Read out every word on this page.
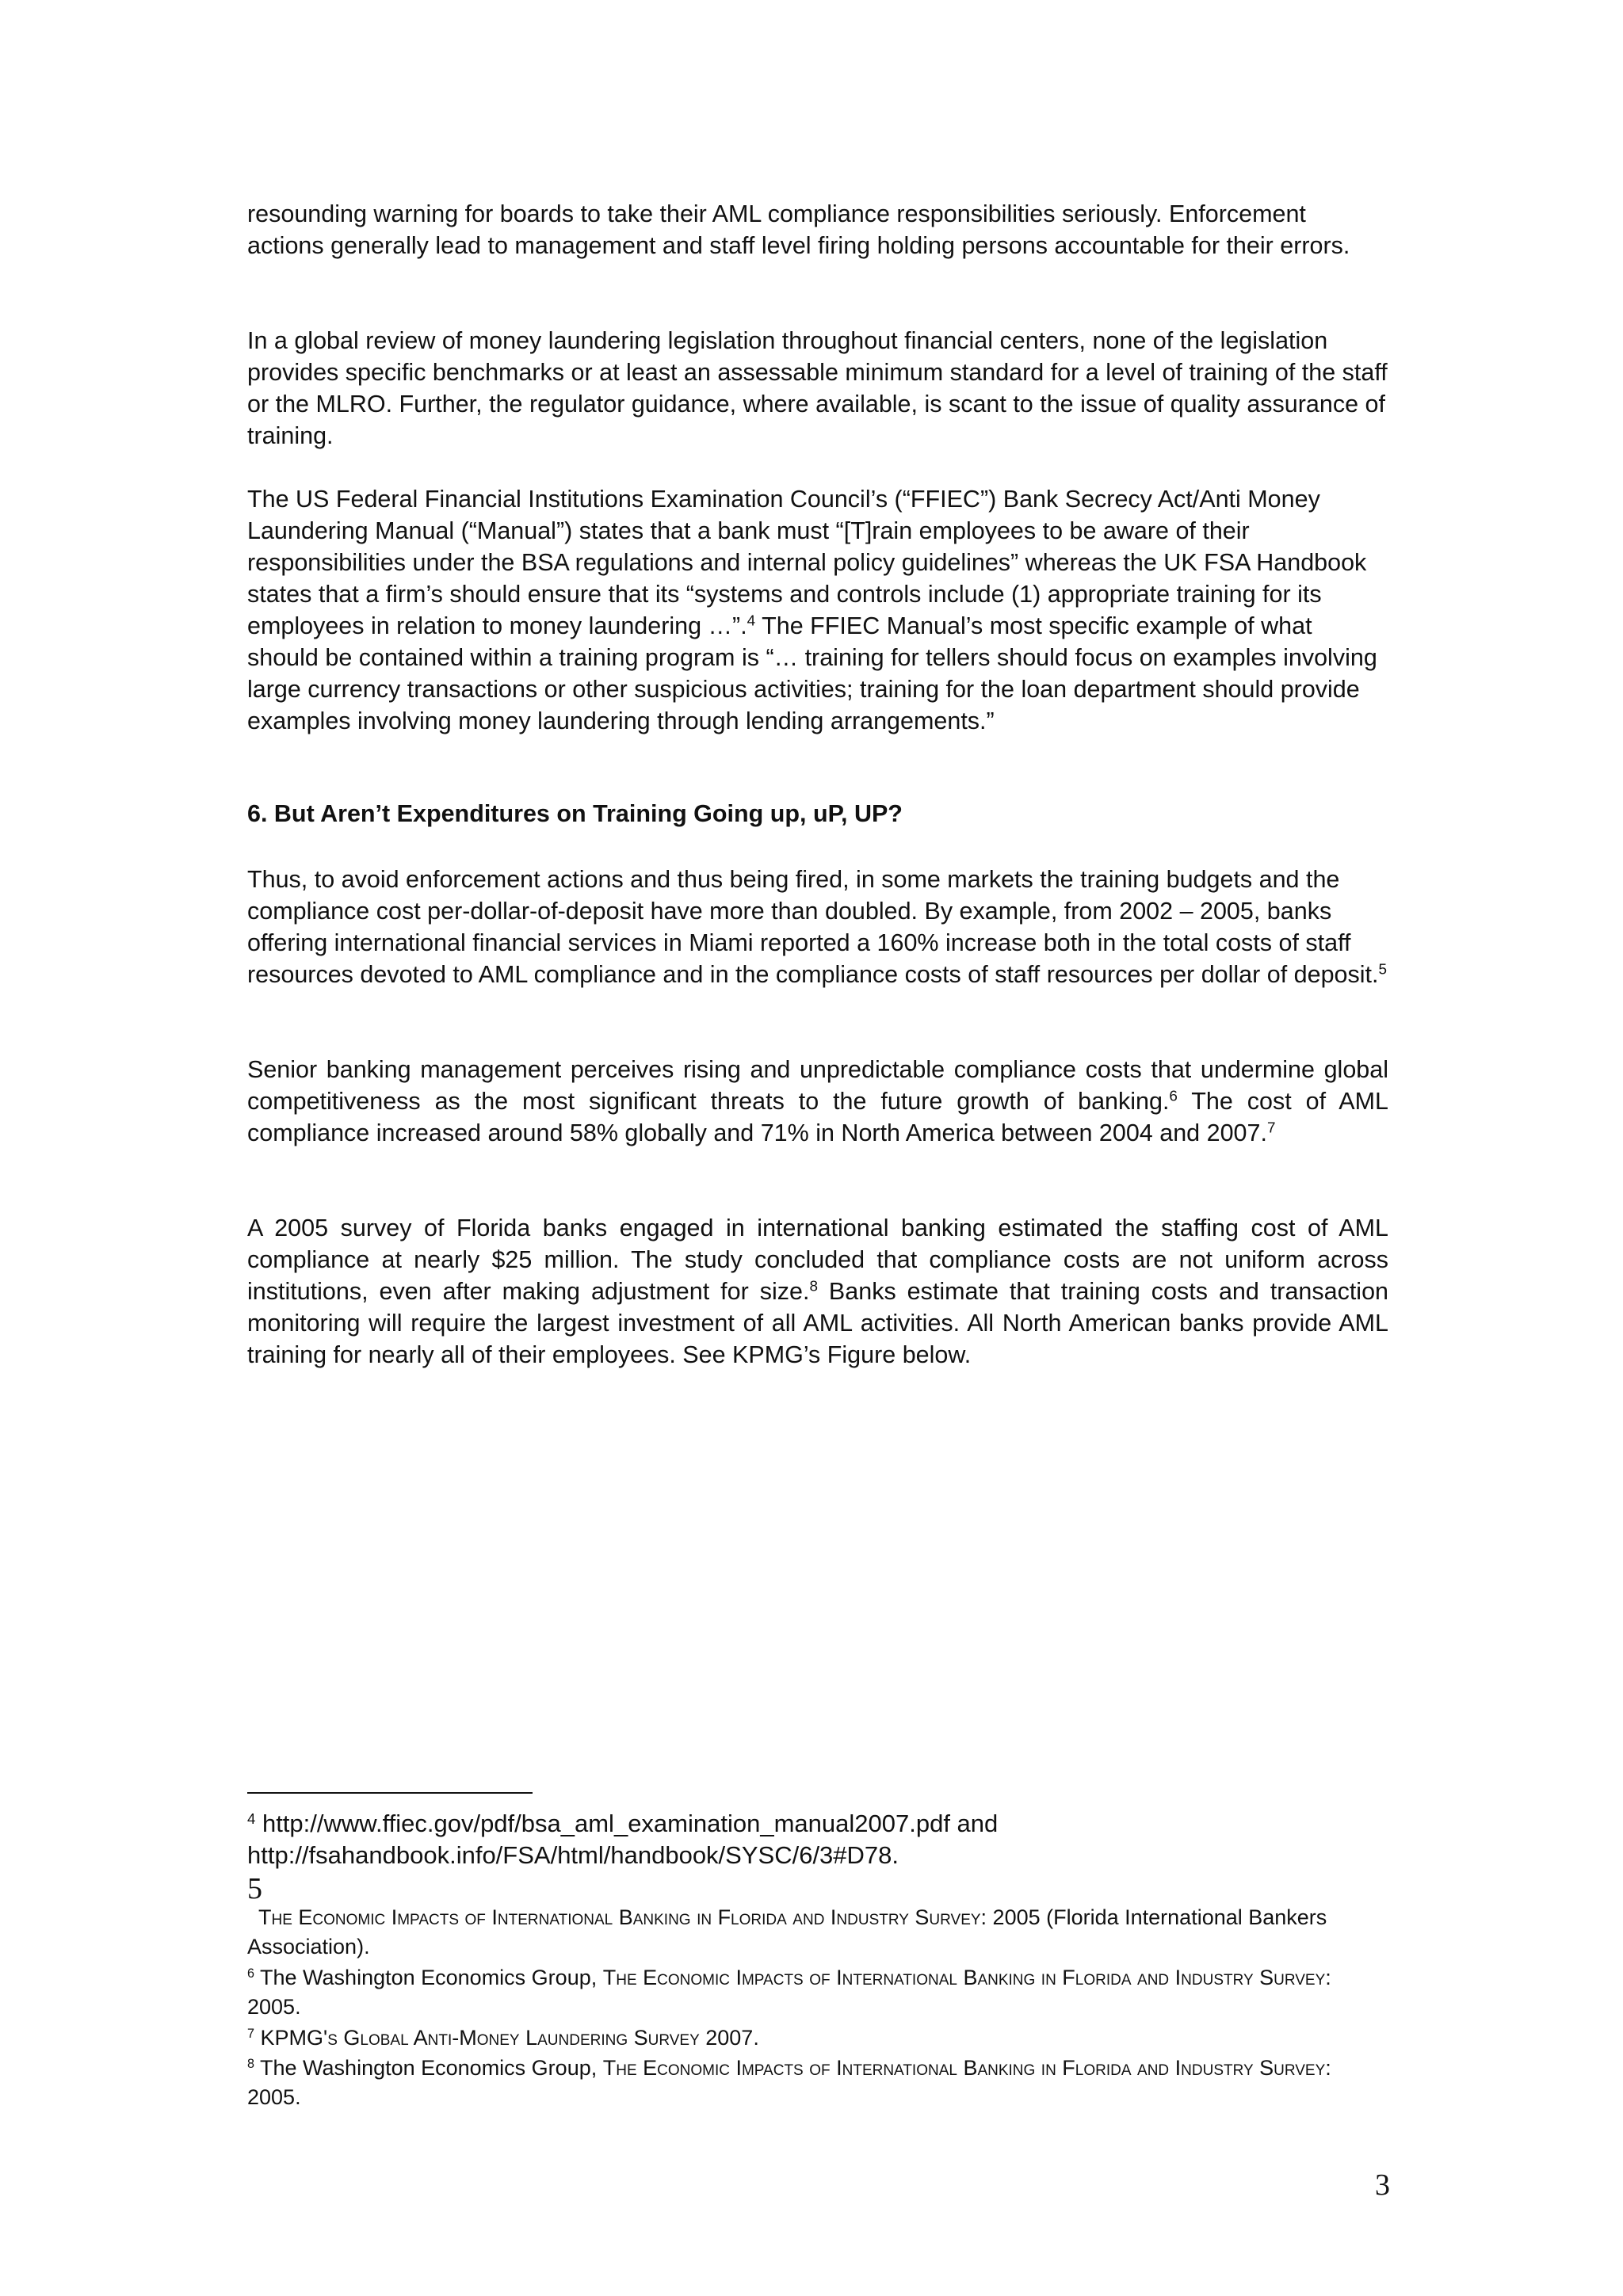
resounding warning for boards to take their AML compliance responsibilities seriously. Enforcement actions generally lead to management and staff level firing holding persons accountable for their errors.

In a global review of money laundering legislation throughout financial centers, none of the legislation provides specific benchmarks or at least an assessable minimum standard for a level of training of the staff or the MLRO. Further, the regulator guidance, where available, is scant to the issue of quality assurance of training.

The US Federal Financial Institutions Examination Council’s (“FFIEC”) Bank Secrecy Act/Anti Money Laundering Manual (“Manual”) states that a bank must “[T]rain employees to be aware of their responsibilities under the BSA regulations and internal policy guidelines” whereas the UK FSA Handbook states that a firm’s should ensure that its “systems and controls include (1) appropriate training for its employees in relation to money laundering …”.$^4$ The FFIEC Manual’s most specific example of what should be contained within a training program is “… training for tellers should focus on examples involving large currency transactions or other suspicious activities; training for the loan department should provide examples involving money laundering through lending arrangements.”

6. But Aren’t Expenditures on Training Going up, uP, UP?

Thus, to avoid enforcement actions and thus being fired, in some markets the training budgets and the compliance cost per-dollar-of-deposit have more than doubled. By example, from 2002 – 2005, banks offering international financial services in Miami reported a 160% increase both in the total costs of staff resources devoted to AML compliance and in the compliance costs of staff resources per dollar of deposit.$^5$

Senior banking management perceives rising and unpredictable compliance costs that undermine global competitiveness as the most significant threats to the future growth of banking.$^6$ The cost of AML compliance increased around 58% globally and 71% in North America between 2004 and 2007.$^7$

A 2005 survey of Florida banks engaged in international banking estimated the staffing cost of AML compliance at nearly $25 million. The study concluded that compliance costs are not uniform across institutions, even after making adjustment for size.$^8$ Banks estimate that training costs and transaction monitoring will require the largest investment of all AML activities. All North American banks provide AML training for nearly all of their employees. See KPMG’s Figure below.

$^4$ http://www.ffiec.gov/pdf/bsa_aml_examination_manual2007.pdf and http://fsahandbook.info/FSA/html/handbook/SYSC/6/3#D78.
5
The Economic Impacts of International Banking in Florida and Industry Survey: 2005 (Florida International Bankers Association).
$^6$ The Washington Economics Group, The Economic Impacts of International Banking in Florida and Industry Survey: 2005.
$^7$ KPMG's Global Anti-Money Laundering Survey 2007.
$^8$ The Washington Economics Group, The Economic Impacts of International Banking in Florida and Industry Survey: 2005.
3
